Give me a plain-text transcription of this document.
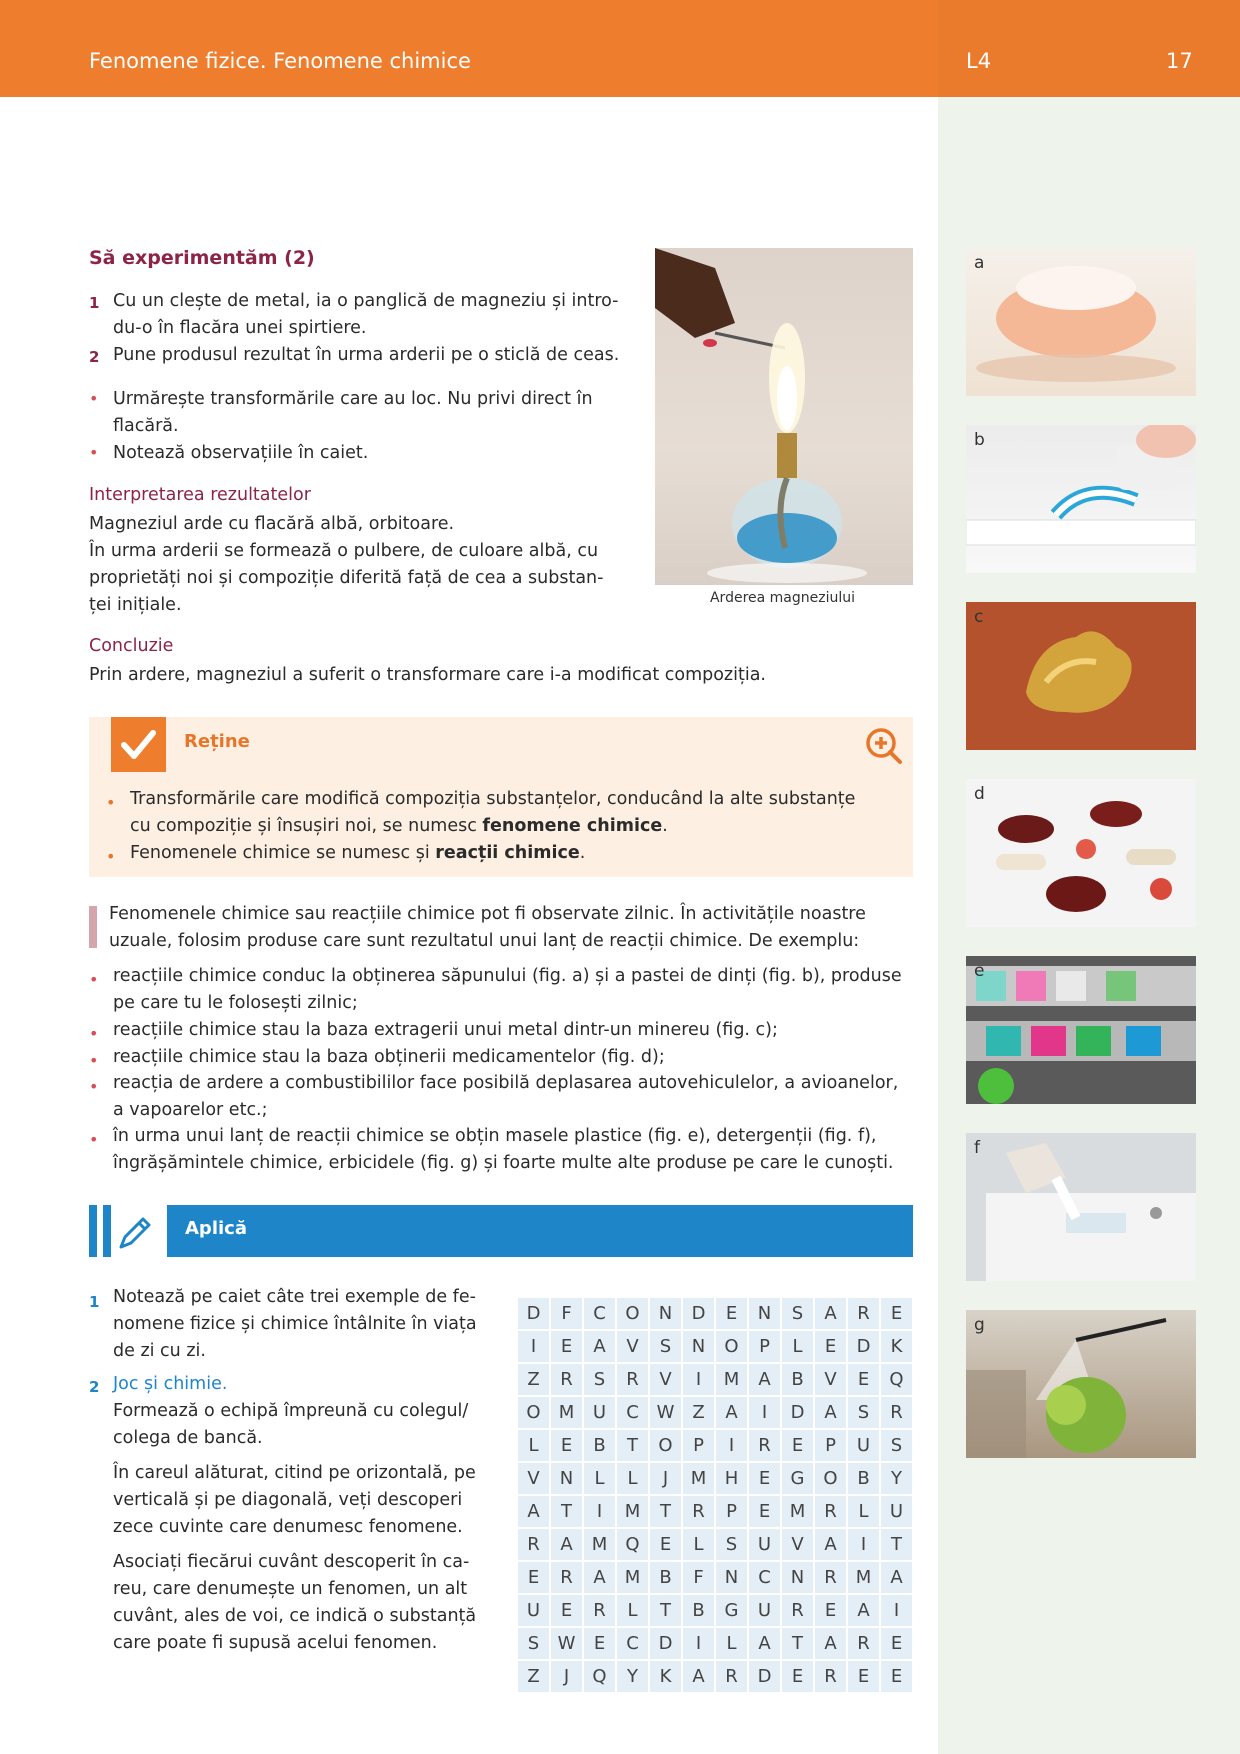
Fenomene fizice. Fenomene chimice	L4	17
Să experimentăm (2)
1 Cu un clește de metal, ia o panglică de magneziu și intro-
du-o în flacăra unei spirtiere.
2 Pune produsul rezultat în urma arderii pe o sticlă de ceas.
• Urmărește transformările care au loc. Nu privi direct în
flacără.
• Notează observațiile în caiet.
Interpretarea rezultatelor
Magneziul arde cu flacără albă, orbitoare.
În urma arderii se formează o pulbere, de culoare albă, cu
proprietăți noi și compoziție diferită față de cea a substan-
ței inițiale.	Arderea magneziului
Concluzie
Prin ardere, magneziul a suferit o transformare care i-a modificat compoziția.
Reține
• Transformările care modifică compoziția substanțelor, conducând la alte substanțe
cu compoziție și însușiri noi, se numesc fenomene chimice.
• Fenomenele chimice se numesc și reacții chimice.
Fenomenele chimice sau reacțiile chimice pot fi observate zilnic. În activitățile noastre
uzuale, folosim produse care sunt rezultatul unui lanț de reacții chimice. De exemplu:
• reacțiile chimice conduc la obținerea săpunului (fig. a) și a pastei de dinți (fig. b), produse
pe care tu le folosești zilnic;
• reacțiile chimice stau la baza extragerii unui metal dintr-un minereu (fig. c);
• reacțiile chimice stau la baza obținerii medicamentelor (fig. d);
• reacția de ardere a combustibililor face posibilă deplasarea autovehiculelor, a avioanelor,
a vapoarelor etc.;
• în urma unui lanț de reacții chimice se obțin masele plastice (fig. e), detergenții (fig. f),
îngrășămintele chimice, erbicidele (fig. g) și foarte multe alte produse pe care le cunoști.
Aplică
1 Notează pe caiet câte trei exemple de fe-
nomene fizice și chimice întâlnite în viața
de zi cu zi.
2 Joc și chimie.
Formează o echipă împreună cu colegul/
colega de bancă.
În careul alăturat, citind pe orizontală, pe
verticală și pe diagonală, veți descoperi
zece cuvinte care denumesc fenomene.
Asociați fiecărui cuvânt descoperit în ca-
reu, care denumește un fenomen, un alt
cuvânt, ales de voi, ce indică o substanță
care poate fi supusă acelui fenomen.
D	F	C	O	N	D	E	N	S	A	R	E
I	E	A	V	S	N	O	P	L	E	D	K
Z	R	S	R	V	I	M	A	B	V	E	Q
O	M	U	C	W	Z	A	I	D	A	S	R
L	E	B	T	O	P	I	R	E	P	U	S
V	N	L	L	J	M	H	E	G	O	B	Y
A	T	I	M	T	R	P	E	M	R	L	U
R	A	M	Q	E	L	S	U	V	A	I	T
E	R	A	M	B	F	N	C	N	R	M	A
U	E	R	L	T	B	G	U	R	E	A	I
S	W	E	C	D	I	L	A	T	A	R	E
Z	J	Q	Y	K	A	R	D	E	R	E	E
a
b
c
d
e
f
g
